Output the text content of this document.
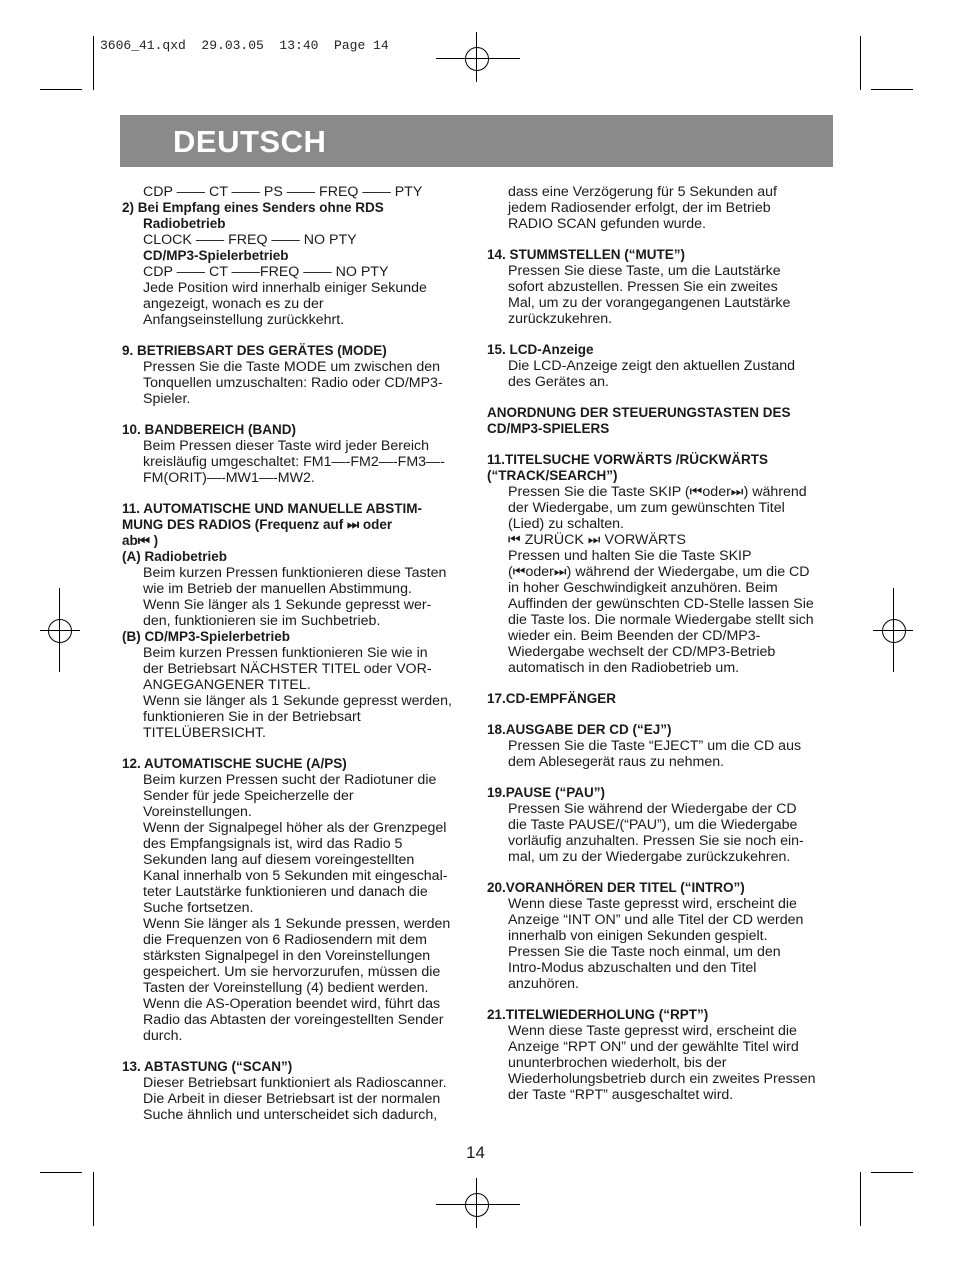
3606_41.qxd  29.03.05  13:40  Page 14
DEUTSCH
CDP —— CT —— PS —— FREQ —— PTY
2) Bei Empfang eines Senders ohne RDS
Radiobetrieb
CLOCK —— FREQ —— NO PTY
CD/MP3-Spielerbetrieb
CDP —— CT ——FREQ —— NO PTY
Jede Position wird innerhalb einiger Sekunde
angezeigt, wonach es zu der
Anfangseinstellung zurückkehrt.
9. BETRIEBSART DES GERÄTES (MODE)
Pressen Sie die Taste MODE um zwischen den
Tonquellen umzuschalten: Radio oder CD/MP3-
Spieler.
10. BANDBEREICH (BAND)
Beim Pressen dieser Taste wird jeder Bereich
kreisläufig umgeschaltet: FM1—-FM2—-FM3—-
FM(ORIT)—-MW1—-MW2.
11. AUTOMATISCHE UND MANUELLE ABSTIM-
MUNG DES RADIOS (Frequenz auf ⏭ oder
ab⏮ )
(A) Radiobetrieb
Beim kurzen Pressen funktionieren diese Tasten
wie im Betrieb der manuellen Abstimmung.
Wenn Sie länger als 1 Sekunde gepresst wer-
den, funktionieren sie im Suchbetrieb.
(B) CD/MP3-Spielerbetrieb
Beim kurzen Pressen funktionieren Sie wie in
der Betriebsart NÄCHSTER TITEL oder VOR-
ANGEGANGENER TITEL.
Wenn sie länger als 1 Sekunde gepresst werden,
funktionieren Sie in der Betriebsart
TITELÜBERSICHT.
12. AUTOMATISCHE SUCHE (A/PS)
Beim kurzen Pressen sucht der Radiotuner die
Sender für jede Speicherzelle der
Voreinstellungen.
Wenn der Signalpegel höher als der Grenzpegel
des Empfangsignals ist, wird das Radio 5
Sekunden lang auf diesem voreingestellten
Kanal innerhalb von 5 Sekunden mit eingeschal-
teter Lautstärke funktionieren und danach die
Suche fortsetzen.
Wenn Sie länger als 1 Sekunde pressen, werden
die Frequenzen von 6 Radiosendern mit dem
stärksten Signalpegel in den Voreinstellungen
gespeichert. Um sie hervorzurufen, müssen die
Tasten der Voreinstellung (4) bedient werden.
Wenn die AS-Operation beendet wird, führt das
Radio das Abtasten der voreingestellten Sender
durch.
13. ABTASTUNG (“SCAN”)
Dieser Betriebsart funktioniert als Radioscanner.
Die Arbeit in dieser Betriebsart ist der normalen
Suche ähnlich und unterscheidet sich dadurch,
dass eine Verzögerung für 5 Sekunden auf
jedem Radiosender erfolgt, der im Betrieb
RADIO SCAN gefunden wurde.
14. STUMMSTELLEN (“MUTE”)
Pressen Sie diese Taste, um die Lautstärke
sofort abzustellen. Pressen Sie ein zweites
Mal, um zu der vorangegangenen Lautstärke
zurückzukehren.
15. LCD-Anzeige
Die LCD-Anzeige zeigt den aktuellen Zustand
des Gerätes an.
ANORDNUNG DER STEUERUNGSTASTEN DES
CD/MP3-SPIELERS
11.TITELSUCHE VORWÄRTS /RÜCKWÄRTS
(“TRACK/SEARCH”)
Pressen Sie die Taste SKIP (⏮oder⏭) während
der Wiedergabe, um zum gewünschten Titel
(Lied) zu schalten.
⏮ ZURÜCK ⏭ VORWÄRTS
Pressen und halten Sie die Taste SKIP
(⏮oder⏭) während der Wiedergabe, um die CD
in hoher Geschwindigkeit anzuhören. Beim
Auffinden der gewünschten CD-Stelle lassen Sie
die Taste los. Die normale Wiedergabe stellt sich
wieder ein. Beim Beenden der CD/MP3-
Wiedergabe wechselt der CD/MP3-Betrieb
automatisch in den Radiobetrieb um.
17.CD-EMPFÄNGER
18.AUSGABE DER CD (“EJ”)
Pressen Sie die Taste “EJECT” um die CD aus
dem Ablesegerät raus zu nehmen.
19.PAUSE (“PAU”)
Pressen Sie während der Wiedergabe der CD
die Taste PAUSE/(“PAU”), um die Wiedergabe
vorläufig anzuhalten. Pressen Sie sie noch ein-
mal, um zu der Wiedergabe zurückzukehren.
20.VORANHÖREN DER TITEL (“INTRO”)
Wenn diese Taste gepresst wird, erscheint die
Anzeige “INT ON” und alle Titel der CD werden
innerhalb von einigen Sekunden gespielt.
Pressen Sie die Taste noch einmal, um den
Intro-Modus abzuschalten und den Titel
anzuhören.
21.TITELWIEDERHOLUNG (“RPT”)
Wenn diese Taste gepresst wird, erscheint die
Anzeige “RPT ON” und der gewählte Titel wird
ununterbrochen wiederholt, bis der
Wiederholungsbetrieb durch ein zweites Pressen
der Taste “RPT” ausgeschaltet wird.
14
